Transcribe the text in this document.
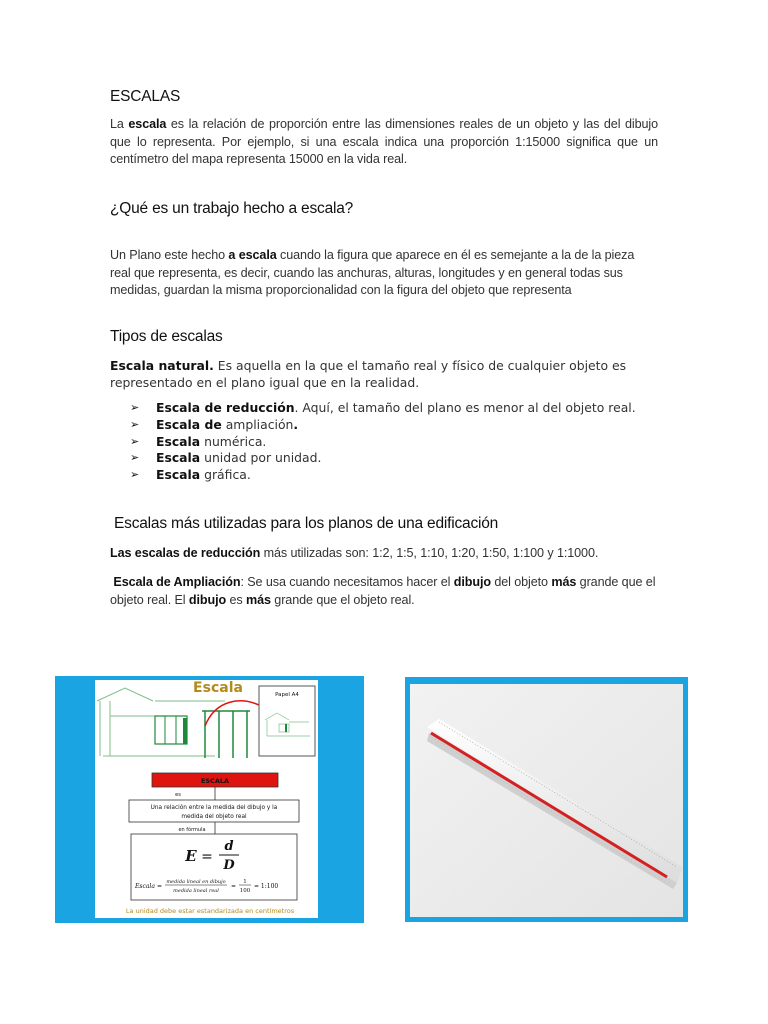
ESCALAS
La escala es la relación de proporción entre las dimensiones reales de un objeto y las del dibujo que lo representa. Por ejemplo, si una escala indica una proporción 1:15000 significa que un centímetro del mapa representa 15000 en la vida real.
¿Qué es un trabajo hecho a escala?
Un Plano este hecho a escala cuando la figura que aparece en él es semejante a la de la pieza real que representa, es decir, cuando las anchuras, alturas, longitudes y en general todas sus medidas, guardan la misma proporcionalidad con la figura del objeto que representa
Tipos de escalas
Escala natural. Es aquella en la que el tamaño real y físico de cualquier objeto es representado en el plano igual que en la realidad.
➢ Escala de reducción. Aquí, el tamaño del plano es menor al del objeto real.
➢ Escala de ampliación.
➢ Escala numérica.
➢ Escala unidad por unidad.
➢ Escala gráfica.
Escalas más utilizadas para los planos de una edificación
Las escalas de reducción más utilizadas son: 1:2, 1:5, 1:10, 1:20, 1:50, 1:100 y 1:1000.
Escala de Ampliación: Se usa cuando necesitamos hacer el dibujo del objeto más grande que el objeto real. El dibujo es más grande que el objeto real.
Escala	Papel A4
ESCALA
es
Una relación entre la medida del dibujo y la
medida del objeto real
en fórmula
E =
d
D
Escala =
medida lineal en dibujo
medida lineal real
=
1
100
= 1:100
La unidad debe estar estandarizada en centímetros
